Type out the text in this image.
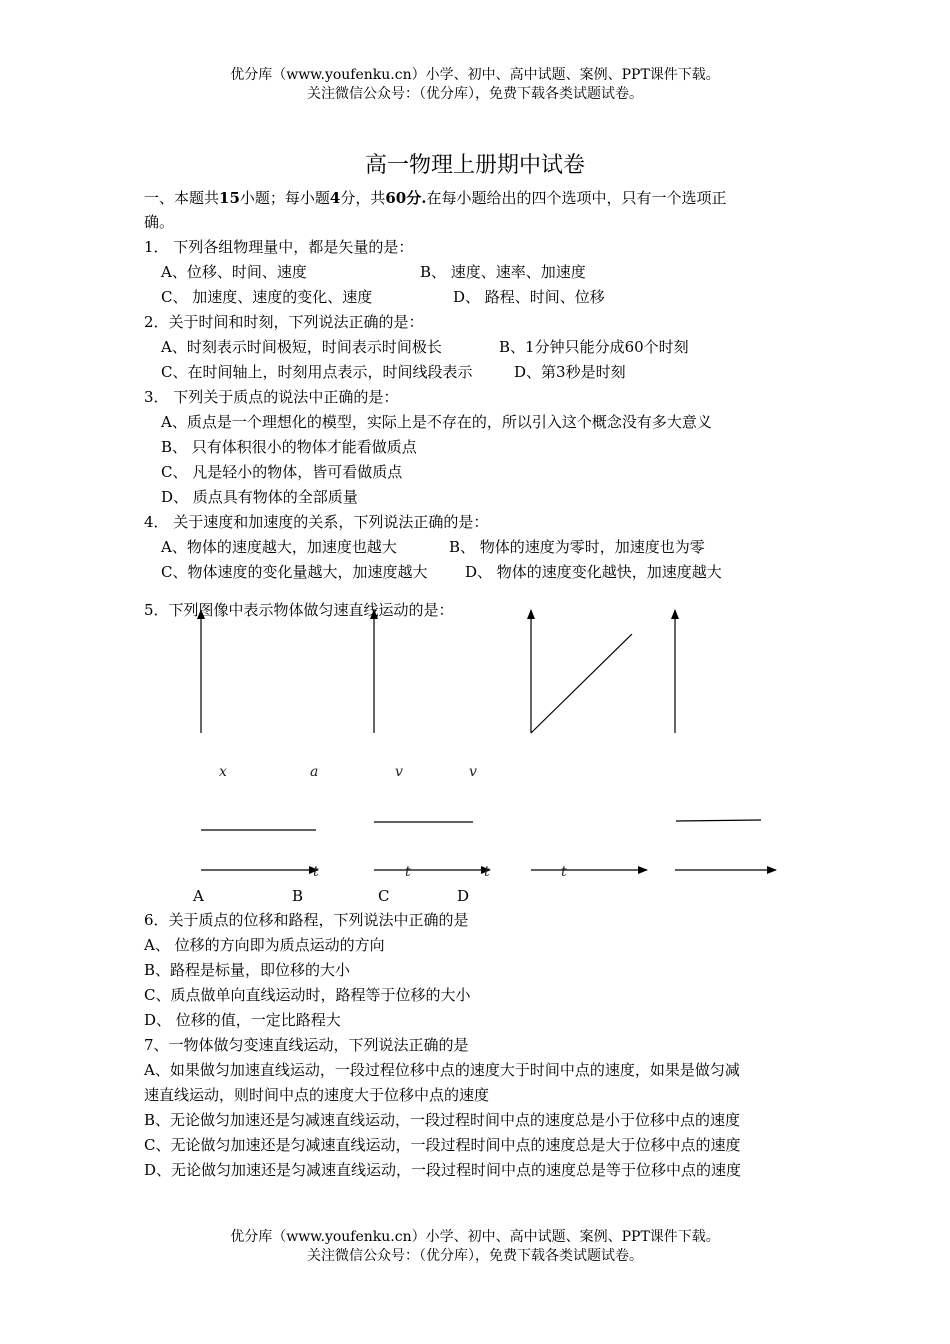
优分库（www.youfenku.cn）小学、初中、高中试题、案例、PPT课件下载。
关注微信公众号：（优分库），免费下载各类试题试卷。
高一物理上册期中试卷
一、本题共15小题；每小题4分，共60分.在每小题给出的四个选项中，只有一个选项正
确。
1． 下列各组物理量中，都是矢量的是：
A、位移、时间、速度	B、 速度、速率、加速度
C、 加速度、速度的变化、速度	D、 路程、时间、位移
2．关于时间和时刻，下列说法正确的是：
A、时刻表示时间极短，时间表示时间极长	B、1分钟只能分成60个时刻
C、在时间轴上，时刻用点表示，时间线段表示	D、第3秒是时刻
3． 下列关于质点的说法中正确的是：
A、质点是一个理想化的模型，实际上是不存在的，所以引入这个概念没有多大意义
B、 只有体积很小的物体才能看做质点
C、 凡是轻小的物体，皆可看做质点
D、 质点具有物体的全部质量
4． 关于速度和加速度的关系，下列说法正确的是：
A、物体的速度越大，加速度也越大	B、 物体的速度为零时，加速度也为零
C、物体速度的变化量越大，加速度越大	D、 物体的速度变化越快，加速度越大
5．下列图像中表示物体做匀速直线运动的是：
x	a	v	v
t	t	t	t
A	B	C	D
6．关于质点的位移和路程，下列说法中正确的是
A、 位移的方向即为质点运动的方向
B、路程是标量，即位移的大小
C、质点做单向直线运动时，路程等于位移的大小
D、 位移的值，一定比路程大
7、一物体做匀变速直线运动，下列说法正确的是
A、如果做匀加速直线运动，一段过程位移中点的速度大于时间中点的速度，如果是做匀减
速直线运动，则时间中点的速度大于位移中点的速度
B、无论做匀加速还是匀减速直线运动，一段过程时间中点的速度总是小于位移中点的速度
C、无论做匀加速还是匀减速直线运动，一段过程时间中点的速度总是大于位移中点的速度
D、无论做匀加速还是匀减速直线运动，一段过程时间中点的速度总是等于位移中点的速度
优分库（www.youfenku.cn）小学、初中、高中试题、案例、PPT课件下载。
关注微信公众号：（优分库），免费下载各类试题试卷。
